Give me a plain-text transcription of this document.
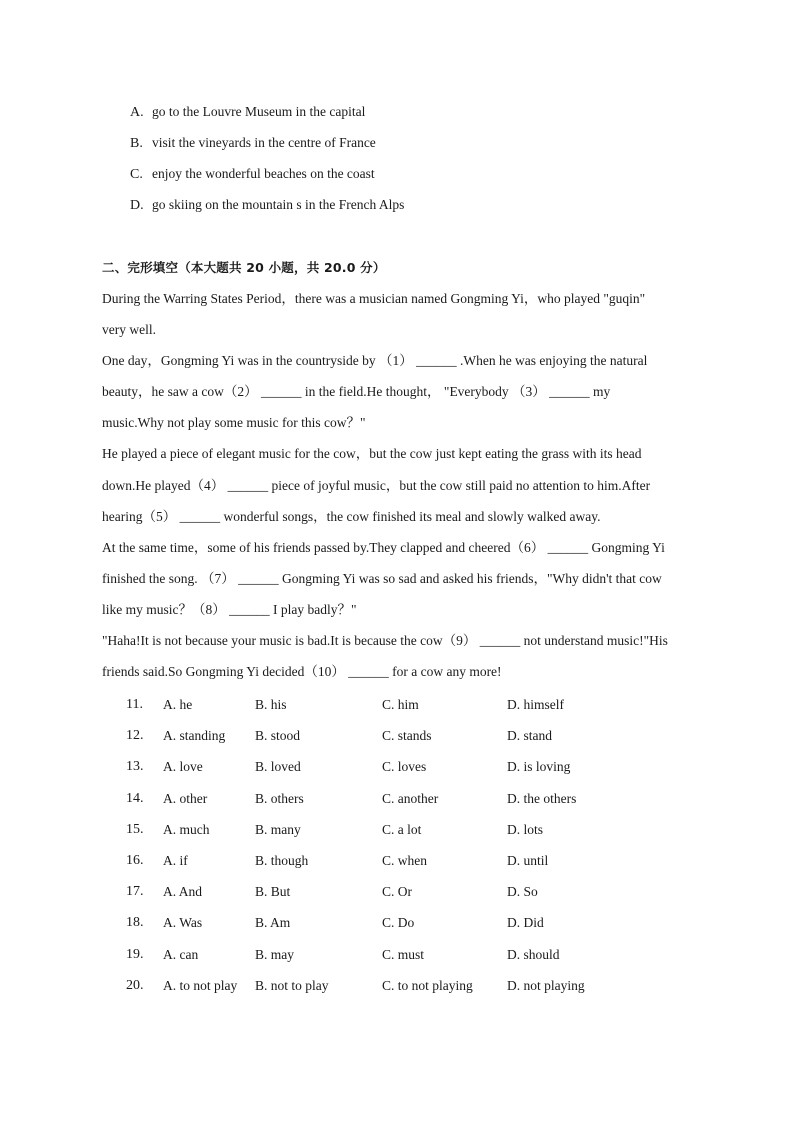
A. go to the Louvre Museum in the capital
B. visit the vineyards in the centre of France
C. enjoy the wonderful beaches on the coast
D. go skiing on the mountain s in the French Alps
二、完形填空（本大题共 20 小题，共 20.0 分）
During the Warring States Period，there was a musician named Gongming Yi，who played "guqin"
very well.
One day，Gongming Yi was in the countryside by （1） ______ .When he was enjoying the natural
beauty，he saw a cow（2） ______ in the field.He thought， "Everybody （3） ______ my
music.Why not play some music for this cow？"
He played a piece of elegant music for the cow，but the cow just kept eating the grass with its head
down.He played（4） ______ piece of joyful music，but the cow still paid no attention to him.After
hearing（5） ______ wonderful songs，the cow finished its meal and slowly walked away.
At the same time，some of his friends passed by.They clapped and cheered（6） ______ Gongming Yi
finished the song. （7） ______ Gongming Yi was so sad and asked his friends，"Why didn't that cow
like my music？（8） ______ I play badly？"
"Haha!It is not because your music is bad.It is because the cow（9） ______ not understand music!"His
friends said.So Gongming Yi decided（10） ______ for a cow any more!
11. A. he	B. his	C. him	D. himself
12. A. standing B. stood	C. stands	D. stand
13. A. love	B. loved	C. loves	D. is loving
14. A. other	B. others	C. another	D. the others
15. A. much	B. many	C. a lot	D. lots
16. A. if	B. though	C. when	D. until
17. A. And	B. But	C. Or	D. So
18. A. Was	B. Am	C. Do	D. Did
19. A. can	B. may	C. must	D. should
20. A. to not play B. not to play	C. to not playing	D. not playing
